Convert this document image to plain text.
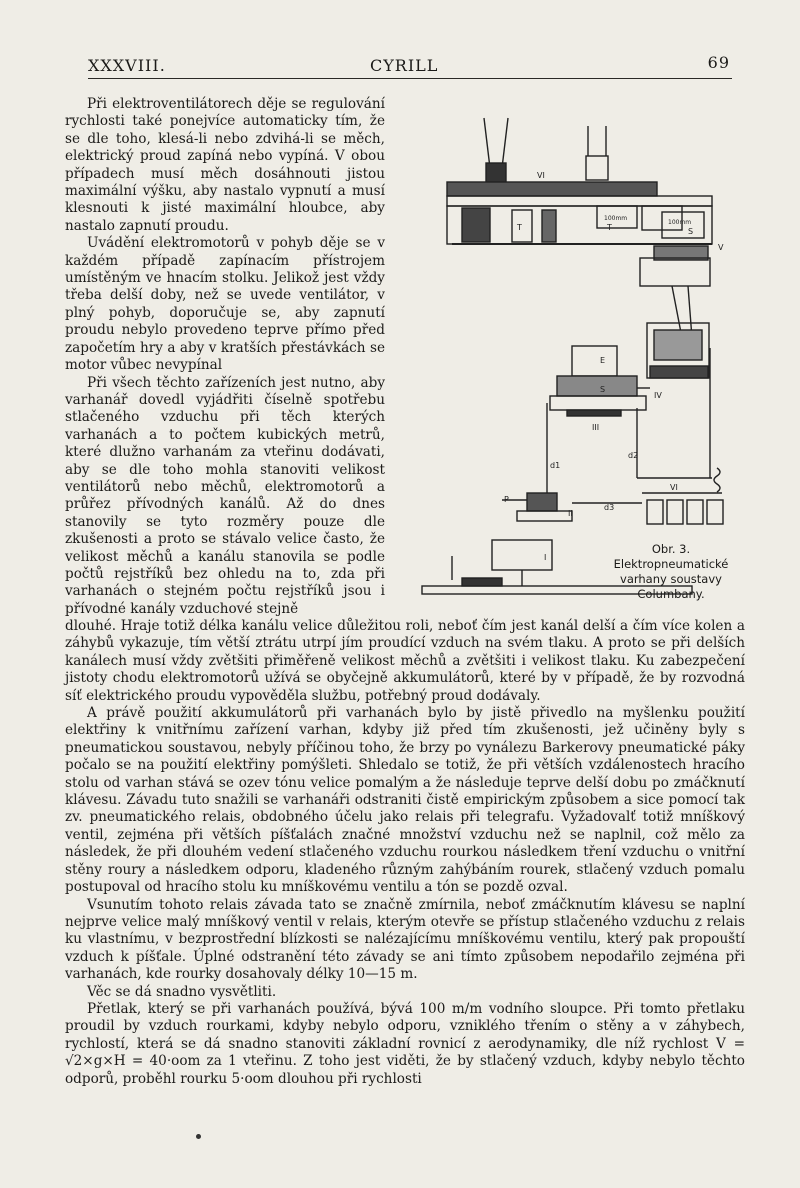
XXXVIII.	CYRILL	69

Při elektroventilátorech děje se regulování rychlosti také ponejvíce automaticky tím, že se dle toho, klesá-li nebo zdvihá-li se měch, elektrický proud zapíná nebo vypíná. V obou případech musí měch dosáhnouti jistou maximální výšku, aby nastalo vypnutí a musí klesnouti k jisté maximální hloubce, aby nastalo zapnutí proudu.

Uvádění elektromotorů v pohyb děje se v každém případě zapínacím přístrojem umístěným ve hnacím stolku. Jelikož jest vždy třeba delší doby, než se uvede ventilátor, v plný pohyb, doporučuje se, aby zapnutí proudu nebylo provedeno teprve přímo před započetím hry a aby v kratších přestávkách se motor vůbec nevypínal

Při všech těchto zařízeních jest nutno, aby varhanář dovedl vyjádřiti číselně spotřebu stlačeného vzduchu při těch kterých varhanách a to počtem kubických metrů, které dlužno varhanám za vteřinu dodávati, aby se dle toho mohla stanoviti velikost ventilátorů nebo měchů, elektromotorů a průřez přívodných kanálů. Až do dnes stanovily se tyto rozměry pouze dle zkušenosti a proto se stávalo velice často, že velikost měchů a kanálu stanovila se podle počtů rejstříků bez ohledu na to, zda při varhanách o stejném počtu rejstříků jsou i přívodné kanály vzduchové stejně

VI
T	T
100mm
100mm
S
V
E
S
IV
III
II
VI
I
d1
d2
d3
P
Obr. 3.
Elektropneumatické varhany soustavy Columbany.

dlouhé. Hraje totiž délka kanálu velice důležitou roli, neboť čím jest kanál delší a čím více kolen a záhybů vykazuje, tím větší ztrátu utrpí jím proudící vzduch na svém tlaku. A proto se při delších kanálech musí vždy zvětšiti přiměřeně velikost měchů a zvětšiti i velikost tlaku. Ku zabezpečení jistoty chodu elektromotorů užívá se obyčejně akkumulátorů, které by v případě, že by rozvodná síť elektrického proudu vypověděla službu, potřebný proud dodávaly.

A právě použití akkumulátorů při varhanách bylo by jistě přivedlo na myšlenku použití elektřiny k vnitřnímu zařízení varhan, kdyby již před tím zkušenosti, jež učiněny byly s pneumatickou soustavou, nebyly příčinou toho, že brzy po vynálezu Barkerovy pneumatické páky počalo se na použití elektřiny pomýšleti. Shledalo se totiž, že při větších vzdálenostech hracího stolu od varhan stává se ozev tónu velice pomalým a že následuje teprve delší dobu po zmáčknutí klávesu. Závadu tuto snažili se varhanáři odstraniti čistě empirickým způsobem a sice pomocí tak zv. pneumatického relais, obdobného účelu jako relais při telegrafu. Vyžadovalť totiž mníškový ventil, zejména při větších píšťalách značné množství vzduchu než se naplnil, což mělo za následek, že při dlouhém vedení stlačeného vzduchu rourkou následkem tření vzduchu o vnitřní stěny roury a následkem odporu, kladeného různým zahýbáním rourek, stlačený vzduch pomalu postupoval od hracího stolu ku mníškovému ventilu a tón se pozdě ozval.

Vsunutím tohoto relais závada tato se značně zmírnila, neboť zmáčknutím klávesu se naplní nejprve velice malý mníškový ventil v relais, kterým otevře se přístup stlačeného vzduchu z relais ku vlastnímu, v bezprostřední blízkosti se nalézajícímu mníškovému ventilu, který pak propouští vzduch k píšťale. Úplné odstranění této závady se ani tímto způsobem nepodařilo zejména při varhanách, kde rourky dosahovaly délky 10—15 m.

Věc se dá snadno vysvětliti.

Přetlak, který se při varhanách používá, bývá 100 m/m vodního sloupce. Při tomto přetlaku proudil by vzduch rourkami, kdyby nebylo odporu, vzniklého třením o stěny a v záhybech, rychlostí, která se dá snadno stanoviti základní rovnicí z aerodynamiky, dle níž rychlost V = √2×g×H = 40·oom za 1 vteřinu. Z toho jest viděti, že by stlačený vzduch, kdyby nebylo těchto odporů, proběhl rourku 5·oom dlouhou při rychlosti
